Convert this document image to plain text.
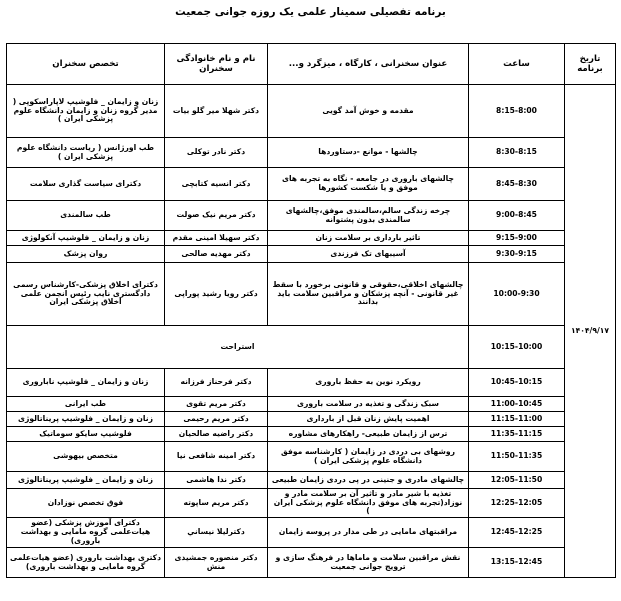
برنامه تفصیلی سمینار علمی یک روزه جوانی جمعیت
تاریخ برنامه	ساعت	عنوان سخنرانی ، کارگاه ، میزگرد و...	نام و نام خانوادگی سخنران	تخصص سخنران
۱۴۰۴/۹/۱۷	8:15-8:00	مقدمه و خوش آمد گویی	دکتر شهلا میر گلو بیات	زنان و زایمان _ فلوشیپ لاپاراسکوپی ( مدیر گروه زنان و زایمان دانشگاه علوم پزشکی ایران )
	8:30-8:15	چالشها - موانع -دستاوردها	دکتر نادر توکلی	طب اورژانس ( ریاست دانشگاه علوم پزشکی ایران )
	8:45-8:30	چالشهای باروری در جامعه - نگاه به تجربه های موفق و یا شکست کشورها	دکتر انسیه کتابچی	دکترای سیاست گذاری سلامت
	9:00-8:45	چرخه زندگی سالم،سالمندی موفق،چالشهای سالمندی بدون پشتوانه	دکتر مریم نیک صولت	طب سالمندی
	9:15-9:00	تاثیر بارداری بر سلامت زنان	دکتر سهیلا امینی مقدم	زنان و زایمان _ فلوشیپ آنکولوژی
	9:30-9:15	آسیبهای تک فرزندی	دکتر مهدیه صالحی	روان پزشک
	10:00-9:30	چالشهای اخلاقی،حقوقی و قانونی برخورد با سقط غیر قانونی - آنچه پزشکان و مراقبین سلامت باید بدانند	دکتر رویا رشید پوراپی	دکترای اخلاق پزشکی-کارشناس رسمی دادگستری نایب رئیس انجمن علمی اخلاق پزشکی ایران
	10:15-10:00	استراحت		
	10:45-10:15	رویکرد نوین به حفظ باروری	دکتر فرحناز فرزانه	زنان و زایمان _ فلوشیپ ناباروری
	11:00-10:45	سبک زندگی و تغذیه در سلامت باروری	دکتر مریم تقوی	طب ایرانی
	11:15-11:00	اهمیت پایش زنان قبل از بارداری	دکتر مریم رحیمی	زنان و زایمان _ فلوشیپ پریناتالوژی
	11:35-11:15	ترس از زایمان طبیعی- راهکارهای مشاوره	دکتر راضیه صالحیان	فلوشیپ سایکو سوماتیک
	11:50-11:35	روشهای بی دردی در زایمان ( کارشناسه موفق دانشگاه علوم پزشکی ایران )	دکتر امینه شافعی نیا	متخصص بیهوشی
	12:05-11:50	چالشهای مادری و جنینی در پی دردی زایمان طبیعی	دکتر ندا هاشمی	زنان و زایمان _ فلوشیپ پریناتالوژی
	12:25-12:05	تغذیه با شیر مادر و تاثیر آن بر سلامت مادر و نوزاد(تجربه های موفق دانشگاه علوم پزشکی ایران )	دکتر مریم ساپوته	فوق تخصص نوزادان
	12:45-12:25	مراقبتهای مامایی در طی مدار در پروسه زایمان	دکترلیلا نیساني	دکترای آموزش پزشکی (عضو هیات‌علمی گروه مامایی و بهداشت باروری)
	13:15-12:45	نقش مراقبین سلامت و ماماها در فرهنگ سازی و ترویج جوانی جمعیت	دکتر منصوره جمشیدی منش	دکتری بهداشت باروری (عضو هیات‌علمی گروه مامایی و بهداشت باروری)
